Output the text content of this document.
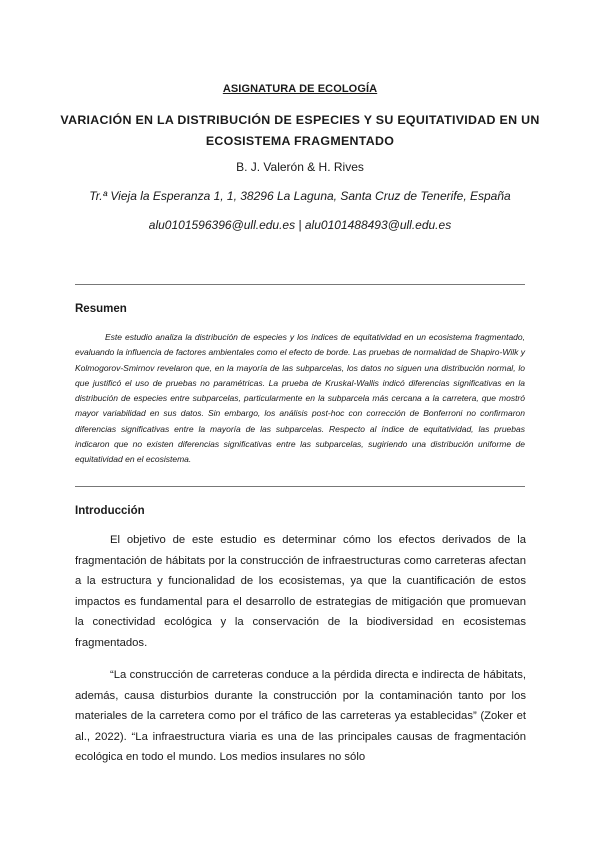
ASIGNATURA DE ECOLOGÍA
VARIACIÓN EN LA DISTRIBUCIÓN DE ESPECIES Y SU EQUITATIVIDAD EN UN ECOSISTEMA FRAGMENTADO
B. J. Valerón & H. Rives
Tr.ª Vieja la Esperanza 1, 1, 38296 La Laguna, Santa Cruz de Tenerife, España
alu0101596396@ull.edu.es | alu0101488493@ull.edu.es
Resumen

Este estudio analiza la distribución de especies y los índices de equitatividad en un ecosistema fragmentado, evaluando la influencia de factores ambientales como el efecto de borde. Las pruebas de normalidad de Shapiro-Wilk y Kolmogorov-Smirnov revelaron que, en la mayoría de las subparcelas, los datos no siguen una distribución normal, lo que justificó el uso de pruebas no paramétricas. La prueba de Kruskal-Wallis indicó diferencias significativas en la distribución de especies entre subparcelas, particularmente en la subparcela más cercana a la carretera, que mostró mayor variabilidad en sus datos. Sin embargo, los análisis post-hoc con corrección de Bonferroni no confirmaron diferencias significativas entre la mayoría de las subparcelas. Respecto al índice de equitatividad, las pruebas indicaron que no existen diferencias significativas entre las subparcelas, sugiriendo una distribución uniforme de equitatividad en el ecosistema.

Introducción

El objetivo de este estudio es determinar cómo los efectos derivados de la fragmentación de hábitats por la construcción de infraestructuras como carreteras afectan a la estructura y funcionalidad de los ecosistemas, ya que la cuantificación de estos impactos es fundamental para el desarrollo de estrategias de mitigación que promuevan la conectividad ecológica y la conservación de la biodiversidad en ecosistemas fragmentados.

“La construcción de carreteras conduce a la pérdida directa e indirecta de hábitats, además, causa disturbios durante la construcción por la contaminación tanto por los materiales de la carretera como por el tráfico de las carreteras ya establecidas” (Zoker et al., 2022). “La infraestructura viaria es una de las principales causas de fragmentación ecológica en todo el mundo. Los medios insulares no sólo
